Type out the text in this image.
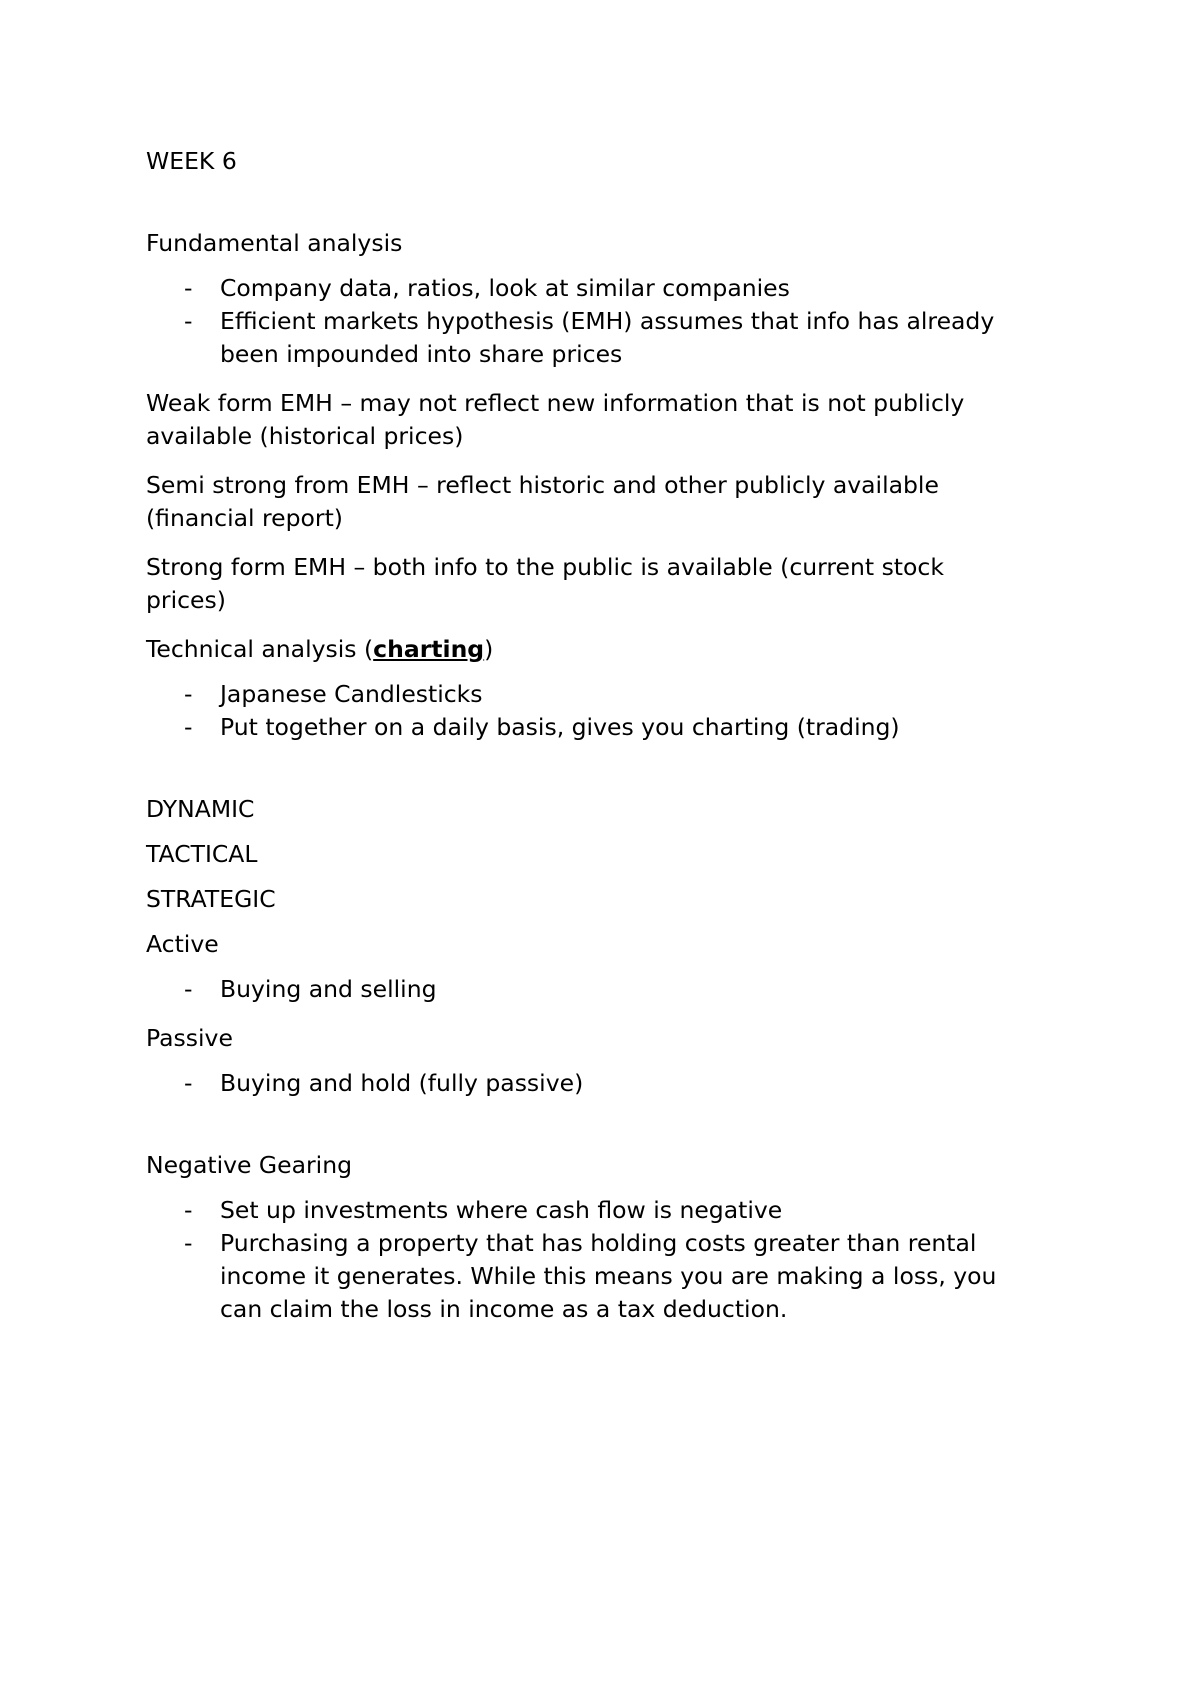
WEEK 6

Fundamental analysis

- Company data, ratios, look at similar companies
- Efficient markets hypothesis (EMH) assumes that info has already
been impounded into share prices

Weak form EMH – may not reflect new information that is not publicly
available (historical prices)

Semi strong from EMH – reflect historic and other publicly available
(financial report)

Strong form EMH – both info to the public is available (current stock
prices)

Technical analysis (charting)

- Japanese Candlesticks
- Put together on a daily basis, gives you charting (trading)

DYNAMIC

TACTICAL

STRATEGIC

Active

- Buying and selling

Passive

- Buying and hold (fully passive)

Negative Gearing

- Set up investments where cash flow is negative
- Purchasing a property that has holding costs greater than rental
income it generates. While this means you are making a loss, you
can claim the loss in income as a tax deduction.
